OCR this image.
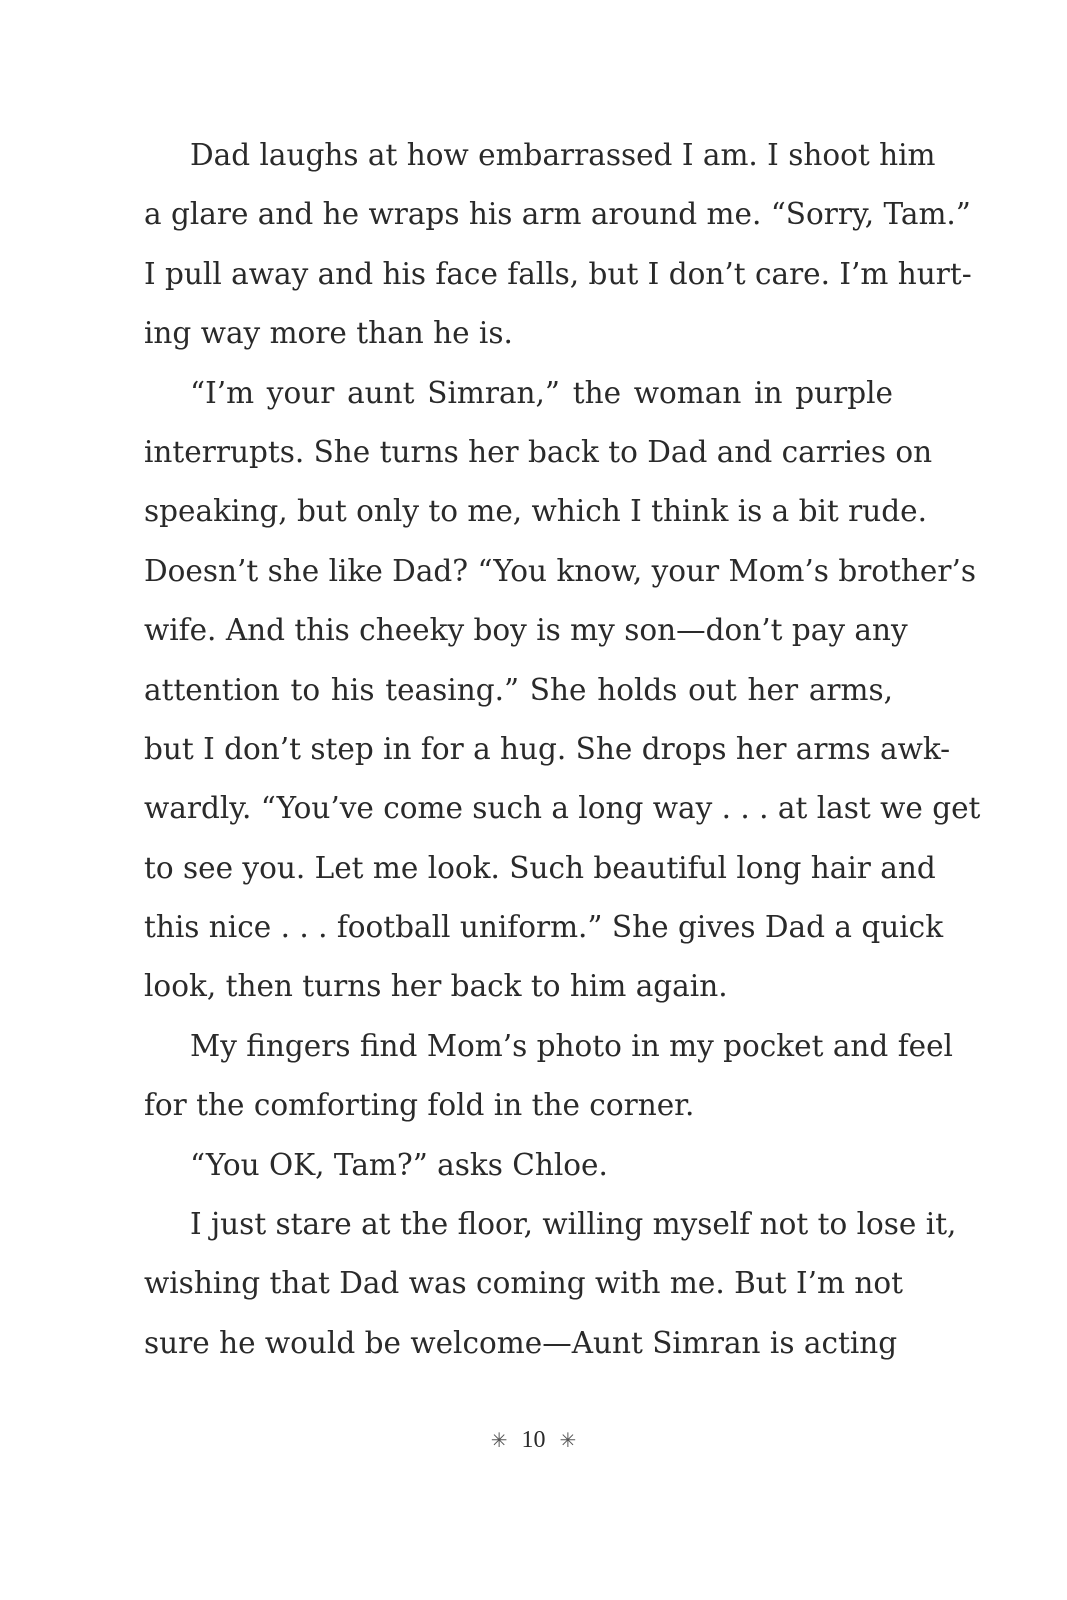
Dad laughs at how embarrassed I am. I shoot him
a glare and he wraps his arm around me. “Sorry, Tam.”
I pull away and his face falls, but I don’t care. I’m hurt-
ing way more than he is.
“I’m your aunt Simran,” the woman in purple
interrupts. She turns her back to Dad and carries on
speaking, but only to me, which I think is a bit rude.
Doesn’t she like Dad? “You know, your Mom’s brother’s
wife. And this cheeky boy is my son—don’t pay any
attention to his teasing.” She holds out her arms,
but I don’t step in for a hug. She drops her arms awk-
wardly. “You’ve come such a long way . . . at last we get
to see you. Let me look. Such beautiful long hair and
this nice . . . football uniform.” She gives Dad a quick
look, then turns her back to him again.
My fingers find Mom’s photo in my pocket and feel
for the comforting fold in the corner.
“You OK, Tam?” asks Chloe.
I just stare at the floor, willing myself not to lose it,
wishing that Dad was coming with me. But I’m not
sure he would be welcome—Aunt Simran is acting
✳ 10 ✳
